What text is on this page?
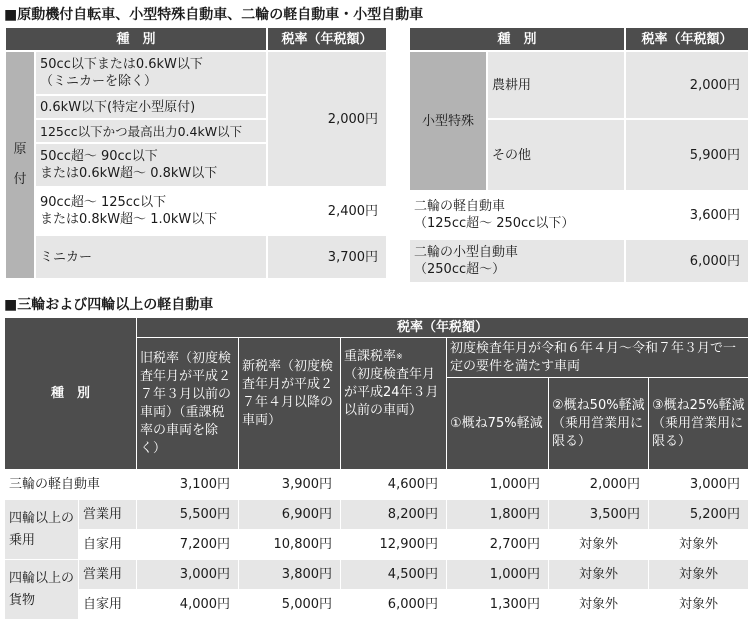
■原動機付自転車、小型特殊自動車、二輪の軽自動車・小型自動車
種　別		税率（年税額）
原
付	50cc以下または0.6kW以下
（ミニカーを除く）	2,000円
	0.6kW以下(特定小型原付)	
	125cc以下かつ最高出力0.4kW以下	
	50cc超～ 90cc以下
または0.6kW超～ 0.8kW以下	
	90cc超～ 125cc以下
または0.8kW超～ 1.0kW以下	2,400円
	ミニカー	3,700円
種　別		税率（年税額）
小型特殊	農耕用	2,000円
	その他	5,900円
二輪の軽自動車
（125cc超～ 250cc以下）		3,600円
二輪の小型自動車
（250cc超～）		6,000円
■三輪および四輪以上の軽自動車
種　別		税率（年税額）					
		旧税率（初度検査年月が平成２７年３月以前の車両）（重課税率の車両を除く）	新税率（初度検査年月が平成２７年４月以降の車両）	重課税率※
（初度検査年月が平成24年３月以前の車両）	初度検査年月が令和６年４月～令和７年３月で一定の要件を満たす車両		
					①概ね75%軽減	②概ね50%軽減（乗用営業用に限る）	③概ね25%軽減（乗用営業用に限る）
三輪の軽自動車		3,100円	3,900円	4,600円	1,000円	2,000円	3,000円
四輪以上の乗用	営業用	5,500円	6,900円	8,200円	1,800円	3,500円	5,200円
	自家用	7,200円	10,800円	12,900円	2,700円	対象外	対象外
四輪以上の貨物	営業用	3,000円	3,800円	4,500円	1,000円	対象外	対象外
	自家用	4,000円	5,000円	6,000円	1,300円	対象外	対象外
